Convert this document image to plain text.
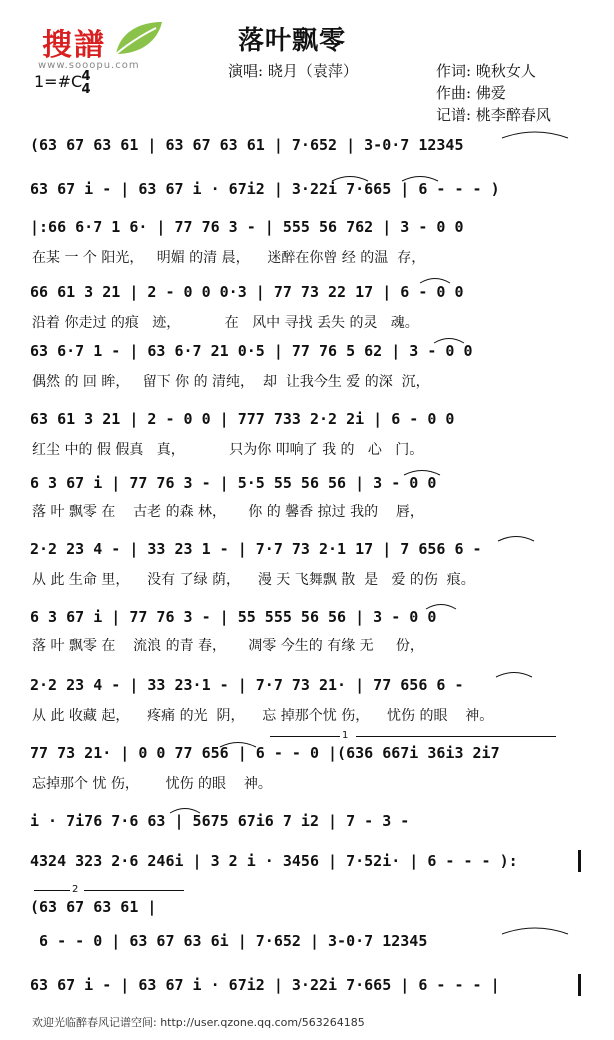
搜譜
www.sooopu.com
落叶飘零
演唱: 晓月（袁萍）	作词: 晚秋女人
作曲: 佛爱
记谱: 桃李醉春风
1=#C 4
4
(63 67 63 61 | 63 67 63 61 | 7·652 | 3-0·7 12345
63 67 i - | 63 67 i · 67i2 | 3·22i 7·665 | 6 - - - )
|:66 6·7 1 6· | 77 76 3 - | 555 56 762 | 3 - 0 0
在某 一 个 阳光，   明媚 的清 晨，    迷醉在你曾 经 的温  存，
66 61 3 21 | 2 - 0 0 0·3 | 77 73 22 17 | 6 - 0 0
沿着 你走过 的痕   迹，          在   风中 寻找 丢失 的灵   魂。
63 6·7 1 - | 63 6·7 21 0·5 | 77 76 5 62 | 3 - 0 0
偶然 的 回 眸，   留下 你 的 清纯，  却  让我今生 爱 的深  沉，
63 61 3 21 | 2 - 0 0 | 777 733 2·2 2i | 6 - 0 0
红尘 中的 假 假真   真，          只为你 叩响了 我 的   心   门。
6 3 67 i | 77 76 3 - | 5·5 55 56 56 | 3 - 0 0
落 叶 飘零 在    古老 的森 林，     你 的 馨香 掠过 我的    唇，
2·2 23 4 - | 33 23 1 - | 7·7 73 2·1 17 | 7 656 6 -
从 此 生命 里，    没有 了绿 荫，    漫 天 飞舞飘 散  是   爱 的伤  痕。
6 3 67 i | 77 76 3 - | 55 555 56 56 | 3 - 0 0
落 叶 飘零 在    流浪 的青 春，     凋零 今生的 有缘 无     份，
2·2 23 4 - | 33 23·1 - | 7·7 73 21· | 77 656 6 -
从 此 收藏 起，    疼痛 的光  阴，    忘 掉那个忧 伤，    忧伤 的眼    神。
1
77 73 21· | 0 0 77 656 | 6 - - 0 |(636 667i 36i3 2i7
忘掉那个 忧 伤，      忧伤 的眼    神。
i · 7i76 7·6 63 | 5675 67i6 7 i2 | 7 - 3 -
4324 323 2·6 246i | 3 2 i · 3456 | 7·52i· | 6 - - - ):
2
(63 67 63 61 |
6 - - 0 | 63 67 63 6i | 7·652 | 3-0·7 12345
63 67 i - | 63 67 i · 67i2 | 3·22i 7·665 | 6 - - - |
欢迎光临醉春风记谱空间: http://user.qzone.qq.com/563264185
